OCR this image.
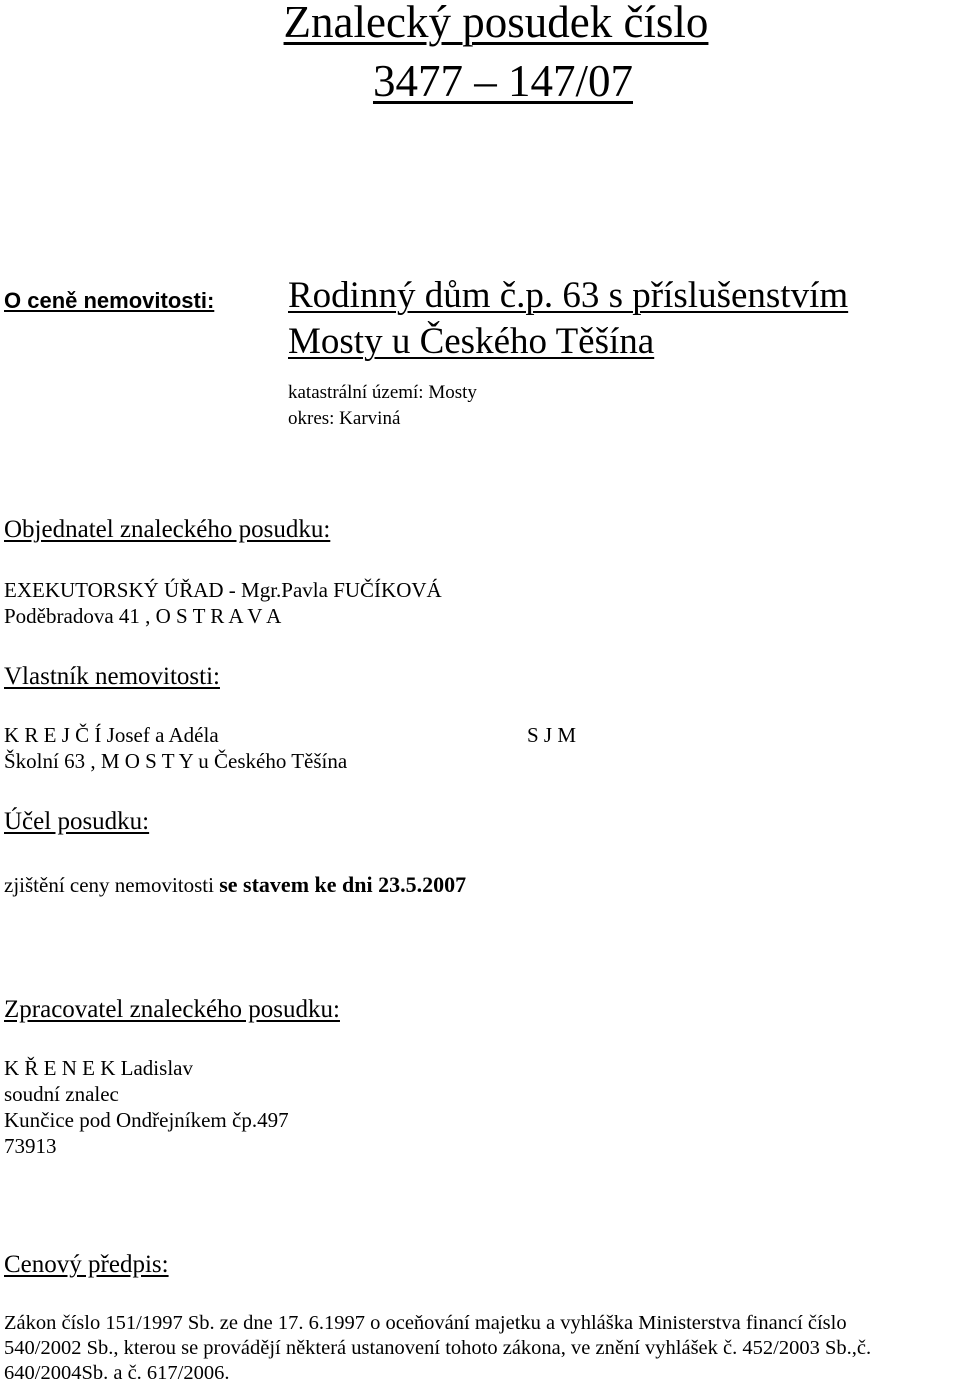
Znalecký posudek číslo
3477 – 147/07
O ceně nemovitosti: Rodinný dům č.p. 63 s příslušenstvím
Mosty u Českého Těšína
katastrální území: Mosty
okres: Karviná
Objednatel znaleckého posudku:
EXEKUTORSKÝ ÚŘAD - Mgr.Pavla FUČÍKOVÁ
Poděbradova 41 , O S T R A V A
Vlastník nemovitosti:
K R E J Č Í Josef a Adéla
Školní 63 , M O S T Y u Českého Těšína
S J M
Účel posudku:
zjištění ceny nemovitosti se stavem ke dni 23.5.2007
Zpracovatel znaleckého posudku:
K Ř E N E K Ladislav
soudní znalec
Kunčice pod Ondřejníkem čp.497
73913
Cenový předpis:
Zákon číslo 151/1997 Sb. ze dne 17. 6.1997 o oceňování majetku a vyhláška Ministerstva financí číslo
540/2002 Sb., kterou se provádějí některá ustanovení tohoto zákona, ve znění vyhlášek č. 452/2003 Sb.,č.
640/2004Sb. a č. 617/2006.
